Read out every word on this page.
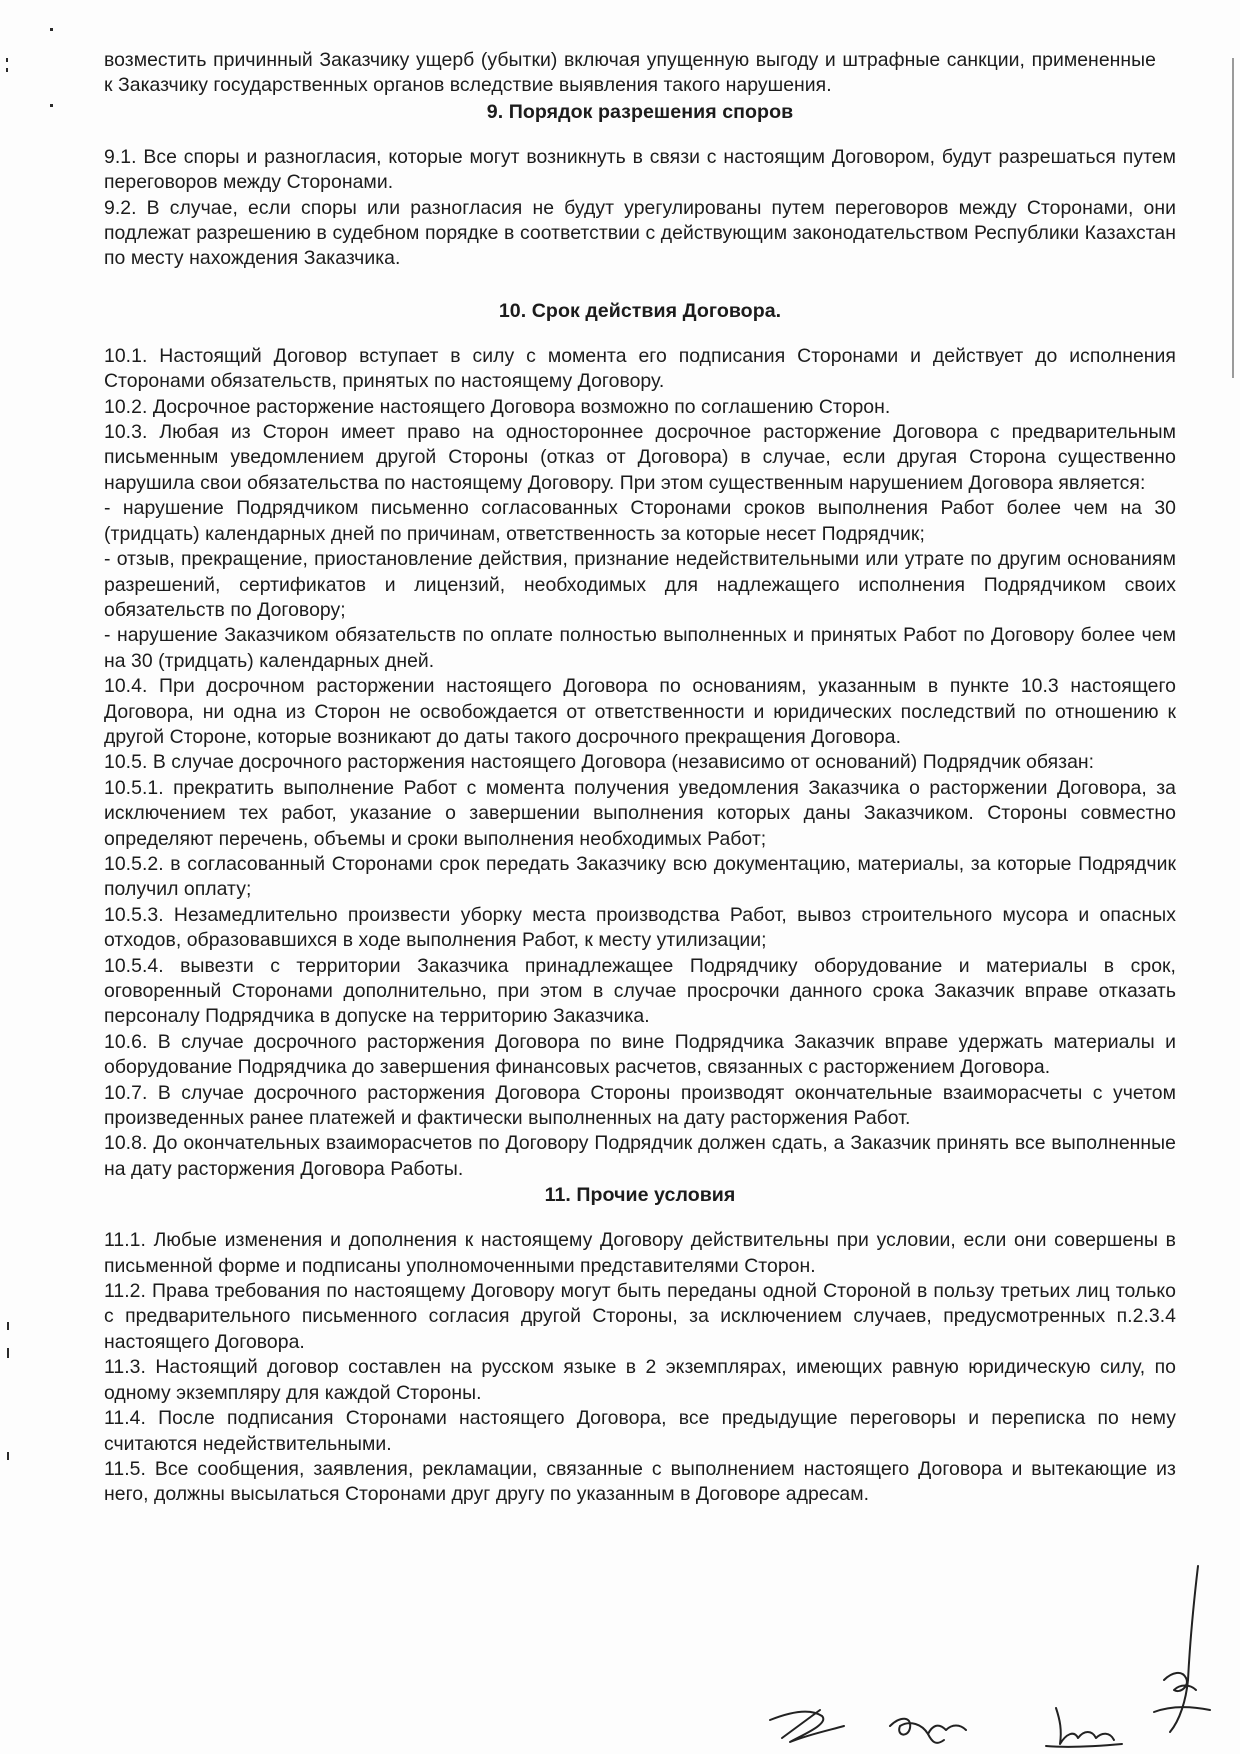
возместить причинный Заказчику ущерб (убытки) включая упущенную выгоду и штрафные санкции, примененные к Заказчику государственных органов вследствие выявления такого нарушения.

9. Порядок разрешения споров

9.1. Все споры и разногласия, которые могут возникнуть в связи с настоящим Договором, будут разрешаться путем переговоров между Сторонами.

9.2. В случае, если споры или разногласия не будут урегулированы путем переговоров между Сторонами, они подлежат разрешению в судебном порядке в соответствии с действующим законодательством Республики Казахстан по месту нахождения Заказчика.

10. Срок действия Договора.

10.1. Настоящий Договор вступает в силу с момента его подписания Сторонами и действует до исполнения Сторонами обязательств, принятых по настоящему Договору.

10.2. Досрочное расторжение настоящего Договора возможно по соглашению Сторон.

10.3. Любая из Сторон имеет право на одностороннее досрочное расторжение Договора с предварительным письменным уведомлением другой Стороны (отказ от Договора) в случае, если другая Сторона существенно нарушила свои обязательства по настоящему Договору. При этом существенным нарушением Договора является:

- нарушение Подрядчиком письменно согласованных Сторонами сроков выполнения Работ более чем на 30 (тридцать) календарных дней по причинам, ответственность за которые несет Подрядчик;

- отзыв, прекращение, приостановление действия, признание недействительными или утрате по другим основаниям разрешений, сертификатов и лицензий, необходимых для надлежащего исполнения Подрядчиком своих обязательств по Договору;

- нарушение Заказчиком обязательств по оплате полностью выполненных и принятых Работ по Договору более чем на 30 (тридцать) календарных дней.

10.4. При досрочном расторжении настоящего Договора по основаниям, указанным в пункте 10.3 настоящего Договора, ни одна из Сторон не освобождается от ответственности и юридических последствий по отношению к другой Стороне, которые возникают до даты такого досрочного прекращения Договора.

10.5. В случае досрочного расторжения настоящего Договора (независимо от оснований) Подрядчик обязан:

10.5.1. прекратить выполнение Работ с момента получения уведомления Заказчика о расторжении Договора, за исключением тех работ, указание о завершении выполнения которых даны Заказчиком. Стороны совместно определяют перечень, объемы и сроки выполнения необходимых Работ;

10.5.2. в согласованный Сторонами срок передать Заказчику всю документацию, материалы, за которые Подрядчик получил оплату;

10.5.3. Незамедлительно произвести уборку места производства Работ, вывоз строительного мусора и опасных отходов, образовавшихся в ходе выполнения Работ, к месту утилизации;

10.5.4. вывезти с территории Заказчика принадлежащее Подрядчику оборудование и материалы в срок, оговоренный Сторонами дополнительно, при этом в случае просрочки данного срока Заказчик вправе отказать персоналу Подрядчика в допуске на территорию Заказчика.

10.6. В случае досрочного расторжения Договора по вине Подрядчика Заказчик вправе удержать материалы и оборудование Подрядчика до завершения финансовых расчетов, связанных с расторжением Договора.

10.7. В случае досрочного расторжения Договора Стороны производят окончательные взаиморасчеты с учетом произведенных ранее платежей и фактически выполненных на дату расторжения Работ.

10.8. До окончательных взаиморасчетов по Договору Подрядчик должен сдать, а Заказчик принять все выполненные на дату расторжения Договора Работы.

11. Прочие условия

11.1. Любые изменения и дополнения к настоящему Договору действительны при условии, если они совершены в письменной форме и подписаны уполномоченными представителями Сторон.

11.2. Права требования по настоящему Договору могут быть переданы одной Стороной в пользу третьих лиц только с предварительного письменного согласия другой Стороны, за исключением случаев, предусмотренных п.2.3.4 настоящего Договора.

11.3. Настоящий договор составлен на русском языке в 2 экземплярах, имеющих равную юридическую силу, по одному экземпляру для каждой Стороны.

11.4. После подписания Сторонами настоящего Договора, все предыдущие переговоры и переписка по нему считаются недействительными.

11.5. Все сообщения, заявления, рекламации, связанные с выполнением настоящего Договора и вытекающие из него, должны высылаться Сторонами друг другу по указанным в Договоре адресам.
